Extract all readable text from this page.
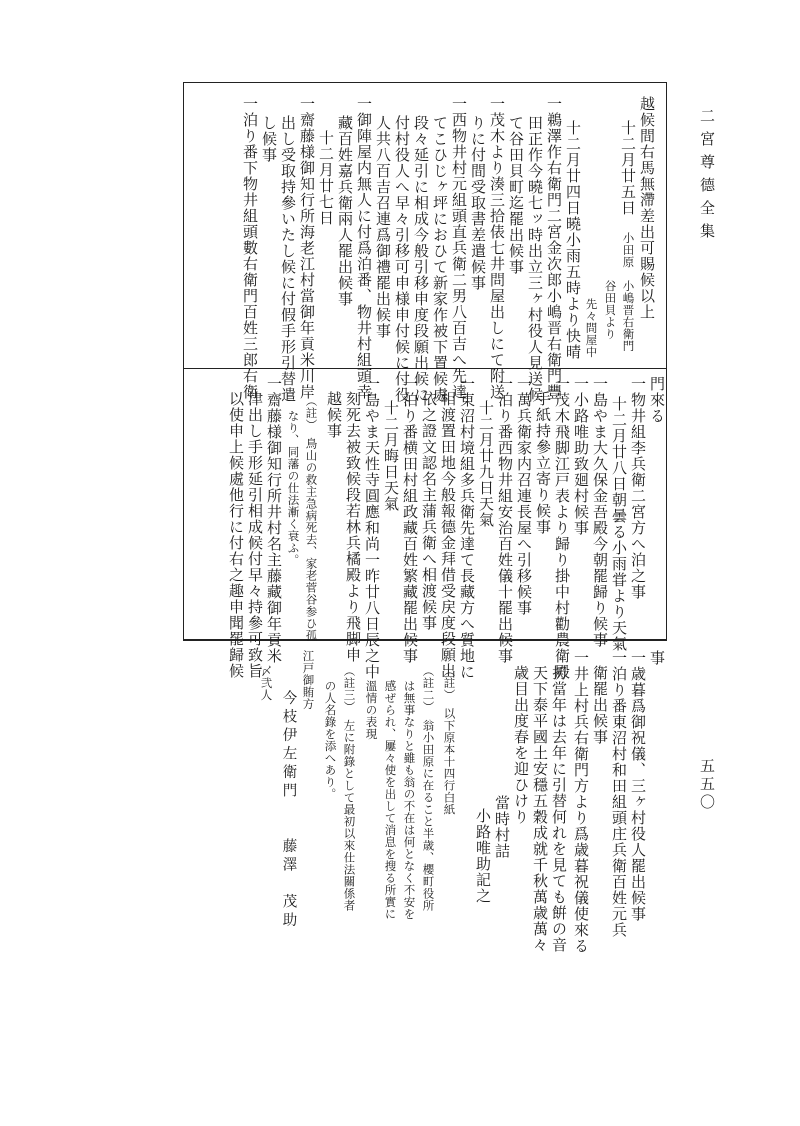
二宮尊德全集
五五〇
越候間右馬無滯差出可賜候以上
十二月廿五日
小田原　小嶋晋右衛門
谷田貝より
先々問屋中
十二月廿四日曉小雨五時より快晴
一鵜澤作右衛門二宮金次郎小嶋晋右衛門豐
田正作今曉七ッ時出立三ヶ村役人見送候
て谷田貝町迄罷出候事
一茂木より湊三拾俵七井問屋出しにて附送
りに付間受取書差遣候事
一西物井村元組頭直兵衛二男八百吉へ先達
てこひじヶ坪におひて新家作被下置候處
段々延引に相成今般引移申度段願出候に
付村役人へ早々引移可申様申付候に付役
人共八百吉召連爲御禮罷出候事
一御陣屋内無人に付爲泊番、物井村組頭幸
藏百姓嘉兵衛兩人罷出候事
十二月廿七日
一齋藤様御知行所海老江村當御年貢米川岸
出し受取持參いたし候に付假手形引替遣
し候事
一泊り番下物井組頭數右衛門百姓三郎右衛	門來る
一物井組李兵衛二宮方へ泊之事
十二月廿八日朝曇る小雨甞より天氣
一島やま大久保金吾殿今朝罷歸り候事
一小路唯助致廻村候事
一茂木飛脚江戸表より歸り掛中村勸農衛殿
手紙持參立寄り候事
一萬兵衛家内召連長屋へ引移候事
一泊り番西物井組安治百姓儀十罷出候事
十二月廿九日天氣
一東沼村境組多兵衛先達て長藏方へ質地に
相渡置田地今般報德金拜借受戻度段願出
依之證文認名主蒲兵衛へ相渡候事
一泊り番横田村組政藏百姓繁藏罷出候事
十二月晦日天氣
一島やま天性寺圓應和尚一昨廿八日辰之中
刻死去被致候段若林兵橘殿より飛脚申
越候事
（註）　鳥山の救主急病死去、家老菅谷参ひ孤
なり、同藩の仕法漸く衰ふ。
一齋藤様御知行所井村名主藤藏御年貢米
津出し手形延引相成候付早々持參可致旨
以使申上候處他行に付右之趣申聞罷歸候	事
一歳暮爲御祝儀、三ヶ村役人罷出候事
一泊り番東沼村和田組頭庄兵衛百姓元兵
衛罷出候事
一井上村兵右衛門方より爲歳暮祝儀使來る
扨當年は去年に引替何れを見ても餠の音
天下泰平國土安穩五穀成就千秋萬歳萬々
歳目出度春を迎ひけり
當時村詰
小路唯助記之
（註）　以下原本十四行白紙
（註二）　翁小田原に在ること半歳、櫻町役所
は無事なりと雖も翁の不在は何となく不安を
感ぜられ、屢々使を出して消息を搜る所實に
溫情の表現
（註三）　左に附錄として最初以來仕法關係者
の人名錄を添へあり。
江戸御賄方
今枝伊左衛門　　藤澤　茂助
〆弐人
